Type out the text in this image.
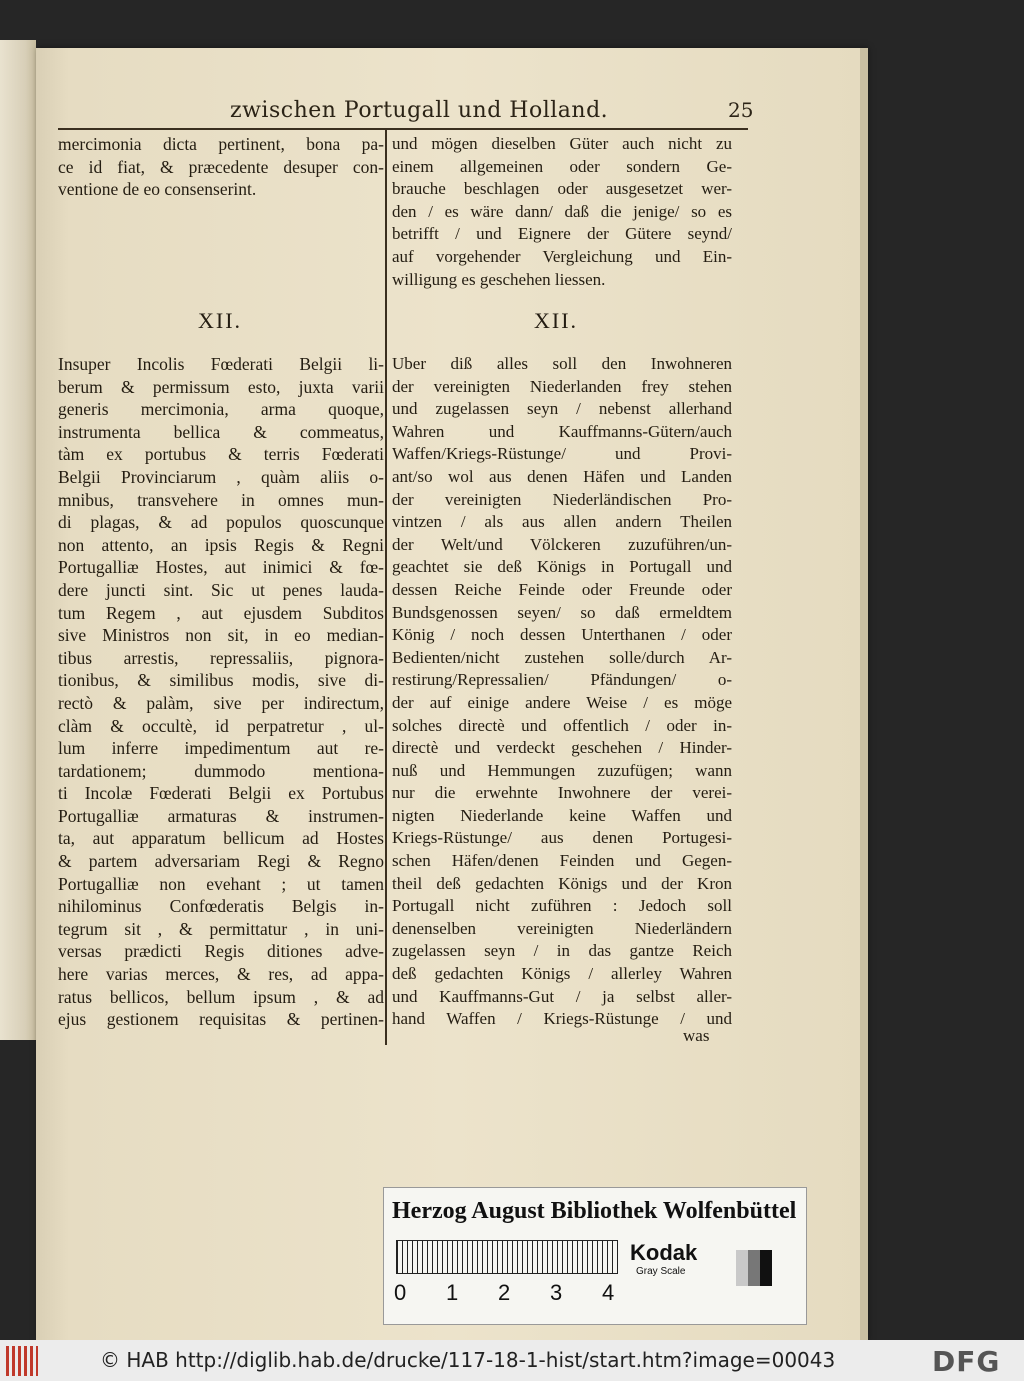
zwischen Portugall und Holland.	25
mercimonia dicta pertinent, bona pa-
ce id fiat, & præcedente desuper con-
ventione de eo consenserint.
und mögen dieselben Güter auch nicht zu
einem allgemeinen oder sondern Ge-
brauche beschlagen oder ausgesetzet wer-
den / es wäre dann/ daß die jenige/ so es
betrifft / und Eignere der Gütere seynd/
auf vorgehender Vergleichung und Ein-
willigung es geschehen liessen.
XII.	XII.
Insuper Incolis Fœderati Belgii li-
berum & permissum esto, juxta varii
generis mercimonia, arma quoque,
instrumenta bellica & commeatus,
tàm ex portubus & terris Fœderati
Belgii Provinciarum , quàm aliis o-
mnibus, transvehere in omnes mun-
di plagas, & ad populos quoscunque
non attento, an ipsis Regis & Regni
Portugalliæ Hostes, aut inimici & fœ-
dere juncti sint. Sic ut penes lauda-
tum Regem , aut ejusdem Subditos
sive Ministros non sit, in eo median-
tibus arrestis, repressaliis, pignora-
tionibus, & similibus modis, sive di-
rectò & palàm, sive per indirectum,
clàm & occultè, id perpatretur , ul-
lum inferre impedimentum aut re-
tardationem; dummodo mentiona-
ti Incolæ Fœderati Belgii ex Portubus
Portugalliæ armaturas & instrumen-
ta, aut apparatum bellicum ad Hostes
& partem adversariam Regi & Regno
Portugalliæ non evehant ; ut tamen
nihilominus Confœderatis Belgis in-
tegrum sit , & permittatur , in uni-
versas prædicti Regis ditiones adve-
here varias merces, & res, ad appa-
ratus bellicos, bellum ipsum , & ad
ejus gestionem requisitas & pertinen-
Uber diß alles soll den Inwohneren
der vereinigten Niederlanden frey stehen
und zugelassen seyn / nebenst allerhand
Wahren und Kauffmanns-Gütern/auch
Waffen/Kriegs-Rüstunge/ und Provi-
ant/so wol aus denen Häfen und Landen
der vereinigten Niederländischen Pro-
vintzen / als aus allen andern Theilen
der Welt/und Völckeren zuzuführen/un-
geachtet sie deß Königs in Portugall und
dessen Reiche Feinde oder Freunde oder
Bundsgenossen seyen/ so daß ermeldtem
König / noch dessen Unterthanen / oder
Bedienten/nicht zustehen solle/durch Ar-
restirung/Repressalien/ Pfändungen/ o-
der auf einige andere Weise / es möge
solches directè und offentlich / oder in-
directè und verdeckt geschehen / Hinder-
nuß und Hemmungen zuzufügen; wann
nur die erwehnte Inwohnere der verei-
nigten Niederlande keine Waffen und
Kriegs-Rüstunge/ aus denen Portugesi-
schen Häfen/denen Feinden und Gegen-
theil deß gedachten Königs und der Kron
Portugall nicht zuführen : Jedoch soll
denenselben vereinigten Niederländern
zugelassen seyn / in das gantze Reich
deß gedachten Königs / allerley Wahren
und Kauffmanns-Gut / ja selbst aller-
hand Waffen / Kriegs-Rüstunge / und
was
Herzog August Bibliothek Wolfenbüttel
0 1 2 3 4
Kodak
Gray Scale
© HAB http://diglib.hab.de/drucke/117-18-1-hist/start.htm?image=00043	DFG
